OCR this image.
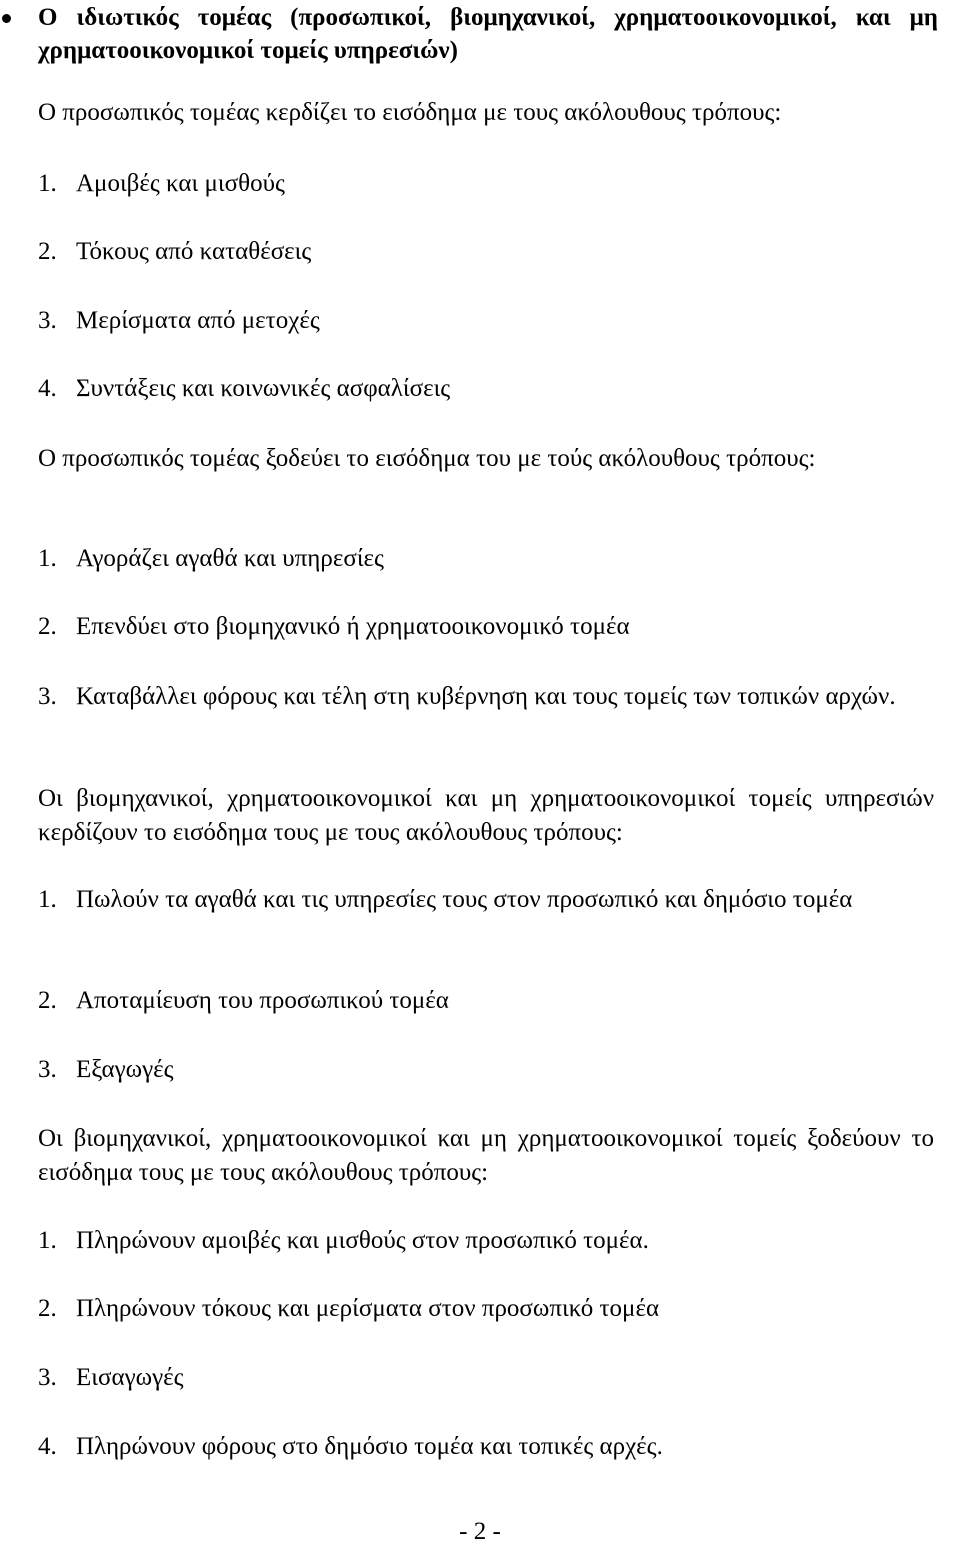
Ο ιδιωτικός τομέας (προσωπικοί, βιομηχανικοί, χρηματοοικονομικοί, και μη χρηματοοικονομικοί τομείς υπηρεσιών)
Ο προσωπικός τομέας κερδίζει το εισόδημα με τους ακόλουθους τρόπους:
1. Αμοιβές και μισθούς
2. Τόκους από καταθέσεις
3. Μερίσματα από μετοχές
4. Συντάξεις και κοινωνικές ασφαλίσεις
Ο προσωπικός τομέας ξοδεύει το εισόδημα του με τούς ακόλουθους τρόπους:
1. Αγοράζει αγαθά και υπηρεσίες
2. Επενδύει στο βιομηχανικό ή χρηματοοικονομικό τομέα
3. Καταβάλλει φόρους και τέλη στη κυβέρνηση και τους τομείς των τοπικών αρχών.
Οι βιομηχανικοί, χρηματοοικονομικοί και μη χρηματοοικονομικοί τομείς υπηρεσιών κερδίζουν το εισόδημα τους με τους ακόλουθους τρόπους:
1. Πωλούν τα αγαθά και τις υπηρεσίες τους στον προσωπικό και δημόσιο τομέα
2. Αποταμίευση του προσωπικού τομέα
3. Εξαγωγές
Οι βιομηχανικοί, χρηματοοικονομικοί και μη χρηματοοικονομικοί τομείς ξοδεύουν το εισόδημα τους με τους ακόλουθους τρόπους:
1. Πληρώνουν αμοιβές και μισθούς στον προσωπικό τομέα.
2. Πληρώνουν τόκους και μερίσματα στον προσωπικό τομέα
3. Εισαγωγές
4. Πληρώνουν φόρους στο δημόσιο τομέα και τοπικές αρχές.
- 2 -
